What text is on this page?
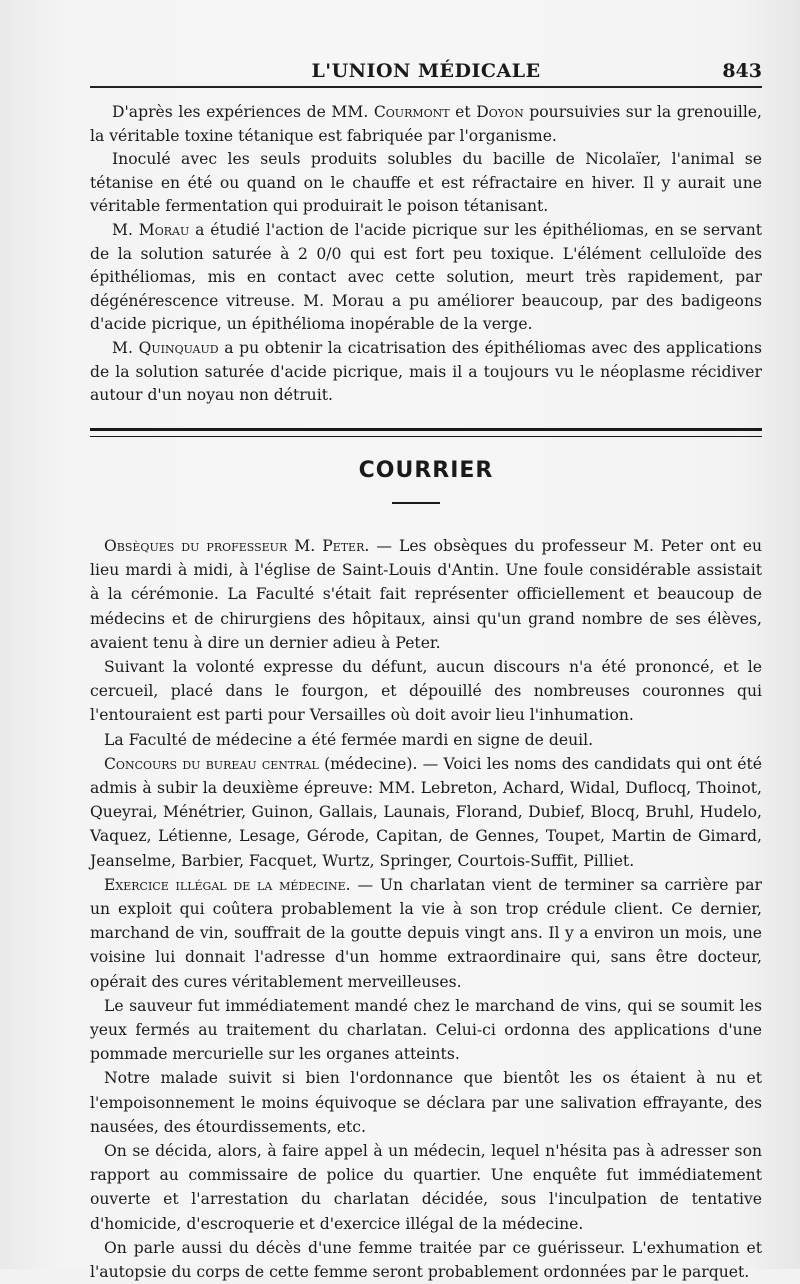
L'UNION MÉDICALE	843

D'après les expériences de MM. Courmont et Doyon poursuivies sur la grenouille, la véritable toxine tétanique est fabriquée par l'organisme.

Inoculé avec les seuls produits solubles du bacille de Nicolaïer, l'animal se tétanise en été ou quand on le chauffe et est réfractaire en hiver. Il y aurait une véritable fermentation qui produirait le poison tétanisant.

M. Morau a étudié l'action de l'acide picrique sur les épithéliomas, en se servant de la solution saturée à 2 0/0 qui est fort peu toxique. L'élément celluloïde des épithéliomas, mis en contact avec cette solution, meurt très rapidement, par dégénérescence vitreuse. M. Morau a pu améliorer beaucoup, par des badigeons d'acide picrique, un épithélioma inopérable de la verge.

M. Quinquaud a pu obtenir la cicatrisation des épithéliomas avec des applications de la solution saturée d'acide picrique, mais il a toujours vu le néoplasme récidiver autour d'un noyau non détruit.

COURRIER

Obsèques du professeur M. Peter. — Les obsèques du professeur M. Peter ont eu lieu mardi à midi, à l'église de Saint-Louis d'Antin. Une foule considérable assistait à la cérémonie. La Faculté s'était fait représenter officiellement et beaucoup de médecins et de chirurgiens des hôpitaux, ainsi qu'un grand nombre de ses élèves, avaient tenu à dire un dernier adieu à Peter.

Suivant la volonté expresse du défunt, aucun discours n'a été prononcé, et le cercueil, placé dans le fourgon, et dépouillé des nombreuses couronnes qui l'entouraient est parti pour Versailles où doit avoir lieu l'inhumation.

La Faculté de médecine a été fermée mardi en signe de deuil.

Concours du bureau central (médecine). — Voici les noms des candidats qui ont été admis à subir la deuxième épreuve: MM. Lebreton, Achard, Widal, Duflocq, Thoinot, Queyrai, Ménétrier, Guinon, Gallais, Launais, Florand, Dubief, Blocq, Bruhl, Hudelo, Vaquez, Létienne, Lesage, Gérode, Capitan, de Gennes, Toupet, Martin de Gimard, Jeanselme, Barbier, Facquet, Wurtz, Springer, Courtois-Suffit, Pilliet.

Exercice illégal de la médecine. — Un charlatan vient de terminer sa carrière par un exploit qui coûtera probablement la vie à son trop crédule client. Ce dernier, marchand de vin, souffrait de la goutte depuis vingt ans. Il y a environ un mois, une voisine lui donnait l'adresse d'un homme extraordinaire qui, sans être docteur, opérait des cures véritablement merveilleuses.

Le sauveur fut immédiatement mandé chez le marchand de vins, qui se soumit les yeux fermés au traitement du charlatan. Celui-ci ordonna des applications d'une pommade mercurielle sur les organes atteints.

Notre malade suivit si bien l'ordonnance que bientôt les os étaient à nu et l'empoisonnement le moins équivoque se déclara par une salivation effrayante, des nausées, des étourdissements, etc.

On se décida, alors, à faire appel à un médecin, lequel n'hésita pas à adresser son rapport au commissaire de police du quartier. Une enquête fut immédiatement ouverte et l'arrestation du charlatan décidée, sous l'inculpation de tentative d'homicide, d'escroquerie et d'exercice illégal de la médecine.

On parle aussi du décès d'une femme traitée par ce guérisseur. L'exhumation et l'autopsie du corps de cette femme seront probablement ordonnées par le parquet.
